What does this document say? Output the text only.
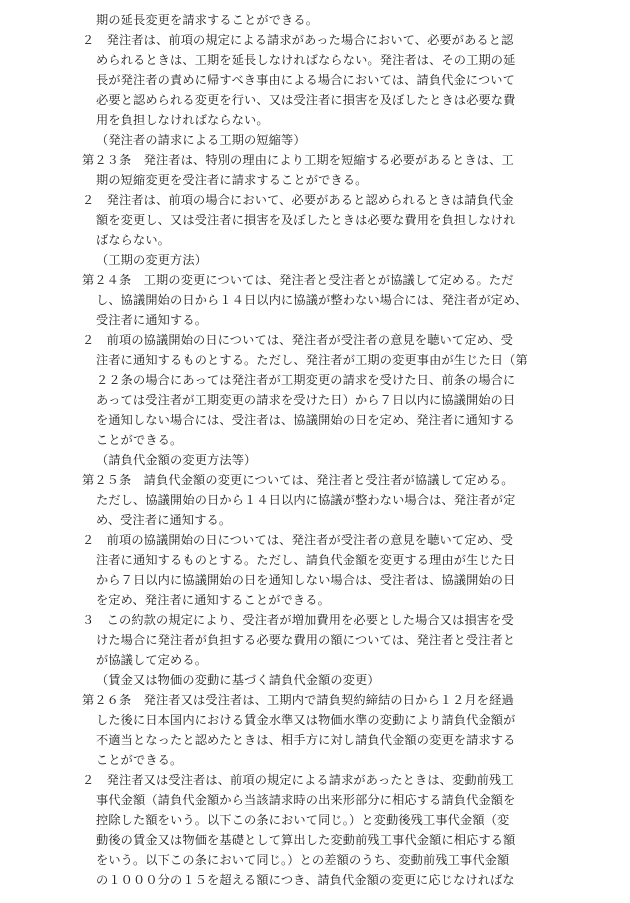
期の延長変更を請求することができる。
２　発注者は、前項の規定による請求があった場合において、必要があると認
められるときは、工期を延長しなければならない。発注者は、その工期の延
長が発注者の責めに帰すべき事由による場合においては、請負代金について
必要と認められる変更を行い、又は受注者に損害を及ぼしたときは必要な費
用を負担しなければならない。
（発注者の請求による工期の短縮等）
第２３条　発注者は、特別の理由により工期を短縮する必要があるときは、工
期の短縮変更を受注者に請求することができる。
２　発注者は、前項の場合において、必要があると認められるときは請負代金
額を変更し、又は受注者に損害を及ぼしたときは必要な費用を負担しなけれ
ばならない。
（工期の変更方法）
第２４条　工期の変更については、発注者と受注者とが協議して定める。ただ
し、協議開始の日から１４日以内に協議が整わない場合には、発注者が定め、
受注者に通知する。
２　前項の協議開始の日については、発注者が受注者の意見を聴いて定め、受
注者に通知するものとする。ただし、発注者が工期の変更事由が生じた日（第
２２条の場合にあっては発注者が工期変更の請求を受けた日、前条の場合に
あっては受注者が工期変更の請求を受けた日）から７日以内に協議開始の日
を通知しない場合には、受注者は、協議開始の日を定め、発注者に通知する
ことができる。
（請負代金額の変更方法等）
第２５条　請負代金額の変更については、発注者と受注者が協議して定める。
ただし、協議開始の日から１４日以内に協議が整わない場合は、発注者が定
め、受注者に通知する。
２　前項の協議開始の日については、発注者が受注者の意見を聴いて定め、受
注者に通知するものとする。ただし、請負代金額を変更する理由が生じた日
から７日以内に協議開始の日を通知しない場合は、受注者は、協議開始の日
を定め、発注者に通知することができる。
３　この約款の規定により、受注者が増加費用を必要とした場合又は損害を受
けた場合に発注者が負担する必要な費用の額については、発注者と受注者と
が協議して定める。
（賃金又は物価の変動に基づく請負代金額の変更）
第２６条　発注者又は受注者は、工期内で請負契約締結の日から１２月を経過
した後に日本国内における賃金水準又は物価水準の変動により請負代金額が
不適当となったと認めたときは、相手方に対し請負代金額の変更を請求する
ことができる。
２　発注者又は受注者は、前項の規定による請求があったときは、変動前残工
事代金額（請負代金額から当該請求時の出来形部分に相応する請負代金額を
控除した額をいう。以下この条において同じ。）と変動後残工事代金額（変
動後の賃金又は物価を基礎として算出した変動前残工事代金額に相応する額
をいう。以下この条において同じ。）との差額のうち、変動前残工事代金額
の１０００分の１５を超える額につき、請負代金額の変更に応じなければな
